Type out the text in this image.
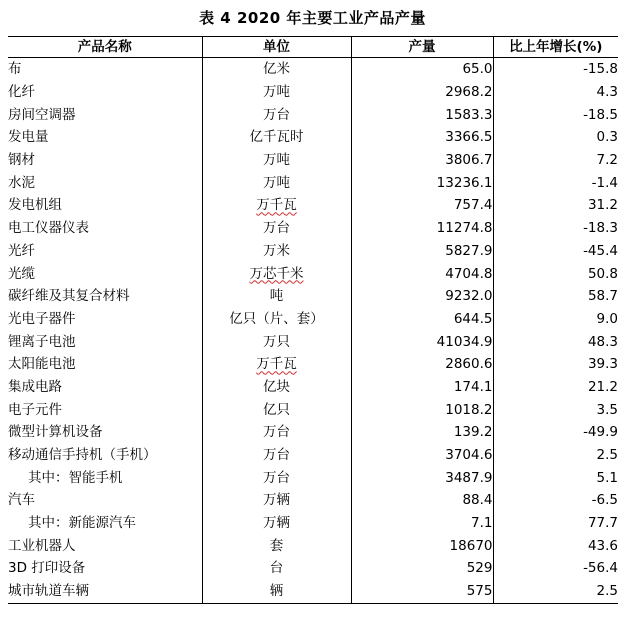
表 4 2020 年主要工业产品产量
产品名称	单位	产量	比上年增长(%)
布	亿米	65.0	-15.8
化纤	万吨	2968.2	4.3
房间空调器	万台	1583.3	-18.5
发电量	亿千瓦时	3366.5	0.3
钢材	万吨	3806.7	7.2
水泥	万吨	13236.1	-1.4
发电机组	万千瓦	757.4	31.2
电工仪器仪表	万台	11274.8	-18.3
光纤	万米	5827.9	-45.4
光缆	万芯千米	4704.8	50.8
碳纤维及其复合材料	吨	9232.0	58.7
光电子器件	亿只（片、套）	644.5	9.0
锂离子电池	万只	41034.9	48.3
太阳能电池	万千瓦	2860.6	39.3
集成电路	亿块	174.1	21.2
电子元件	亿只	1018.2	3.5
微型计算机设备	万台	139.2	-49.9
移动通信手持机（手机）	万台	3704.6	2.5
其中：智能手机	万台	3487.9	5.1
汽车	万辆	88.4	-6.5
其中：新能源汽车	万辆	7.1	77.7
工业机器人	套	18670	43.6
3D 打印设备	台	529	-56.4
城市轨道车辆	辆	575	2.5
